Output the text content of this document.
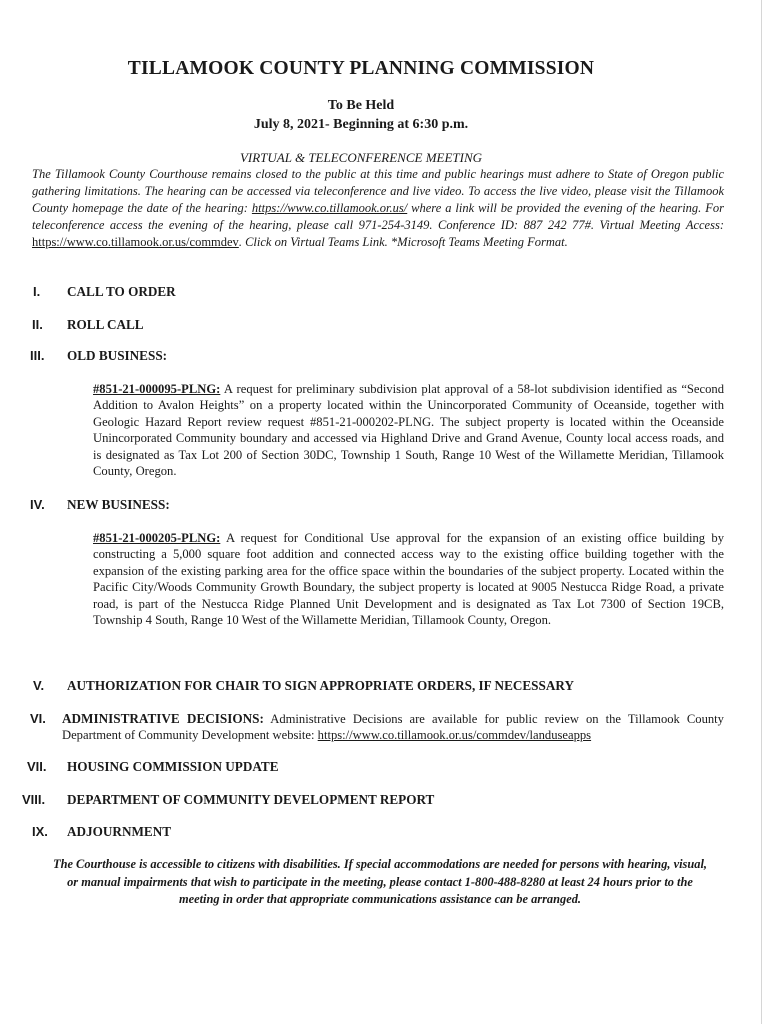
TILLAMOOK COUNTY PLANNING COMMISSION
To Be Held
July 8, 2021- Beginning at 6:30 p.m.
VIRTUAL & TELECONFERENCE MEETING
The Tillamook County Courthouse remains closed to the public at this time and public hearings must adhere to State of Oregon public gathering limitations. The hearing can be accessed via teleconference and live video. To access the live video, please visit the Tillamook County homepage the date of the hearing: https://www.co.tillamook.or.us/ where a link will be provided the evening of the hearing. For teleconference access the evening of the hearing, please call 971-254-3149. Conference ID: 887 242 77#. Virtual Meeting Access: https://www.co.tillamook.or.us/commdev. Click on Virtual Teams Link. *Microsoft Teams Meeting Format.
I. CALL TO ORDER
II. ROLL CALL
III. OLD BUSINESS:
#851-21-000095-PLNG: A request for preliminary subdivision plat approval of a 58-lot subdivision identified as “Second Addition to Avalon Heights” on a property located within the Unincorporated Community of Oceanside, together with Geologic Hazard Report review request #851-21-000202-PLNG. The subject property is located within the Oceanside Unincorporated Community boundary and accessed via Highland Drive and Grand Avenue, County local access roads, and is designated as Tax Lot 200 of Section 30DC, Township 1 South, Range 10 West of the Willamette Meridian, Tillamook County, Oregon.
IV. NEW BUSINESS:
#851-21-000205-PLNG: A request for Conditional Use approval for the expansion of an existing office building by constructing a 5,000 square foot addition and connected access way to the existing office building together with the expansion of the existing parking area for the office space within the boundaries of the subject property. Located within the Pacific City/Woods Community Growth Boundary, the subject property is located at 9005 Nestucca Ridge Road, a private road, is part of the Nestucca Ridge Planned Unit Development and is designated as Tax Lot 7300 of Section 19CB, Township 4 South, Range 10 West of the Willamette Meridian, Tillamook County, Oregon.
V. AUTHORIZATION FOR CHAIR TO SIGN APPROPRIATE ORDERS, IF NECESSARY
VI. ADMINISTRATIVE DECISIONS: Administrative Decisions are available for public review on the Tillamook County Department of Community Development website: https://www.co.tillamook.or.us/commdev/landuseapps
VII. HOUSING COMMISSION UPDATE
VIII. DEPARTMENT OF COMMUNITY DEVELOPMENT REPORT
IX. ADJOURNMENT
The Courthouse is accessible to citizens with disabilities. If special accommodations are needed for persons with hearing, visual, or manual impairments that wish to participate in the meeting, please contact 1-800-488-8280 at least 24 hours prior to the meeting in order that appropriate communications assistance can be arranged.
